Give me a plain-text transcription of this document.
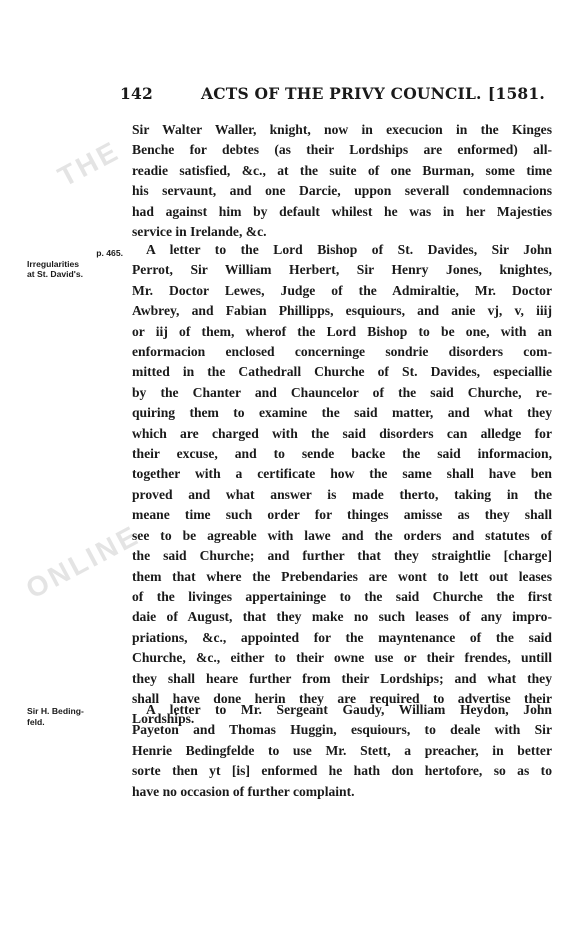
THE
ONLINE
142	ACTS OF THE PRIVY COUNCIL. [1581.
Sir Walter Waller, knight, now in execucion in the Kinges
Benche for debtes (as their Lordships are enformed) all-
readie satisfied, &c., at the suite of one Burman, some time
his servaunt, and one Darcie, uppon severall condemnacions
had against him by default whilest he was in her Majesties
service in Irelande, &c.
p. 465.
Irregularities
at St. David's.
A letter to the Lord Bishop of St. Davides, Sir John
Perrot, Sir William Herbert, Sir Henry Jones, knightes,
Mr. Doctor Lewes, Judge of the Admiraltie, Mr. Doctor
Awbrey, and Fabian Phillipps, esquiours, and anie vj, v, iiij
or iij of them, wherof the Lord Bishop to be one, with an
enformacion enclosed concerninge sondrie disorders com-
mitted in the Cathedrall Churche of St. Davides, especiallie
by the Chanter and Chauncelor of the said Churche, re-
quiring them to examine the said matter, and what they
which are charged with the said disorders can alledge for
their excuse, and to sende backe the said informacion,
together with a certificate how the same shall have ben
proved and what answer is made therto, taking in the
meane time such order for thinges amisse as they shall
see to be agreable with lawe and the orders and statutes of
the said Churche; and further that they straightlie [charge]
them that where the Prebendaries are wont to lett out leases
of the livinges appertaininge to the said Churche the first
daie of August, that they make no such leases of any impro-
priations, &c., appointed for the mayntenance of the said
Churche, &c., either to their owne use or their frendes, untill
they shall heare further from their Lordships; and what they
shall have done herin they are required to advertise their
Lordships.
Sir H. Beding-
feld.
A letter to Mr. Sergeant Gaudy, William Heydon, John
Payeton and Thomas Huggin, esquiours, to deale with Sir
Henrie Bedingfelde to use Mr. Stett, a preacher, in better
sorte then yt [is] enformed he hath don hertofore, so as to
have no occasion of further complaint.
